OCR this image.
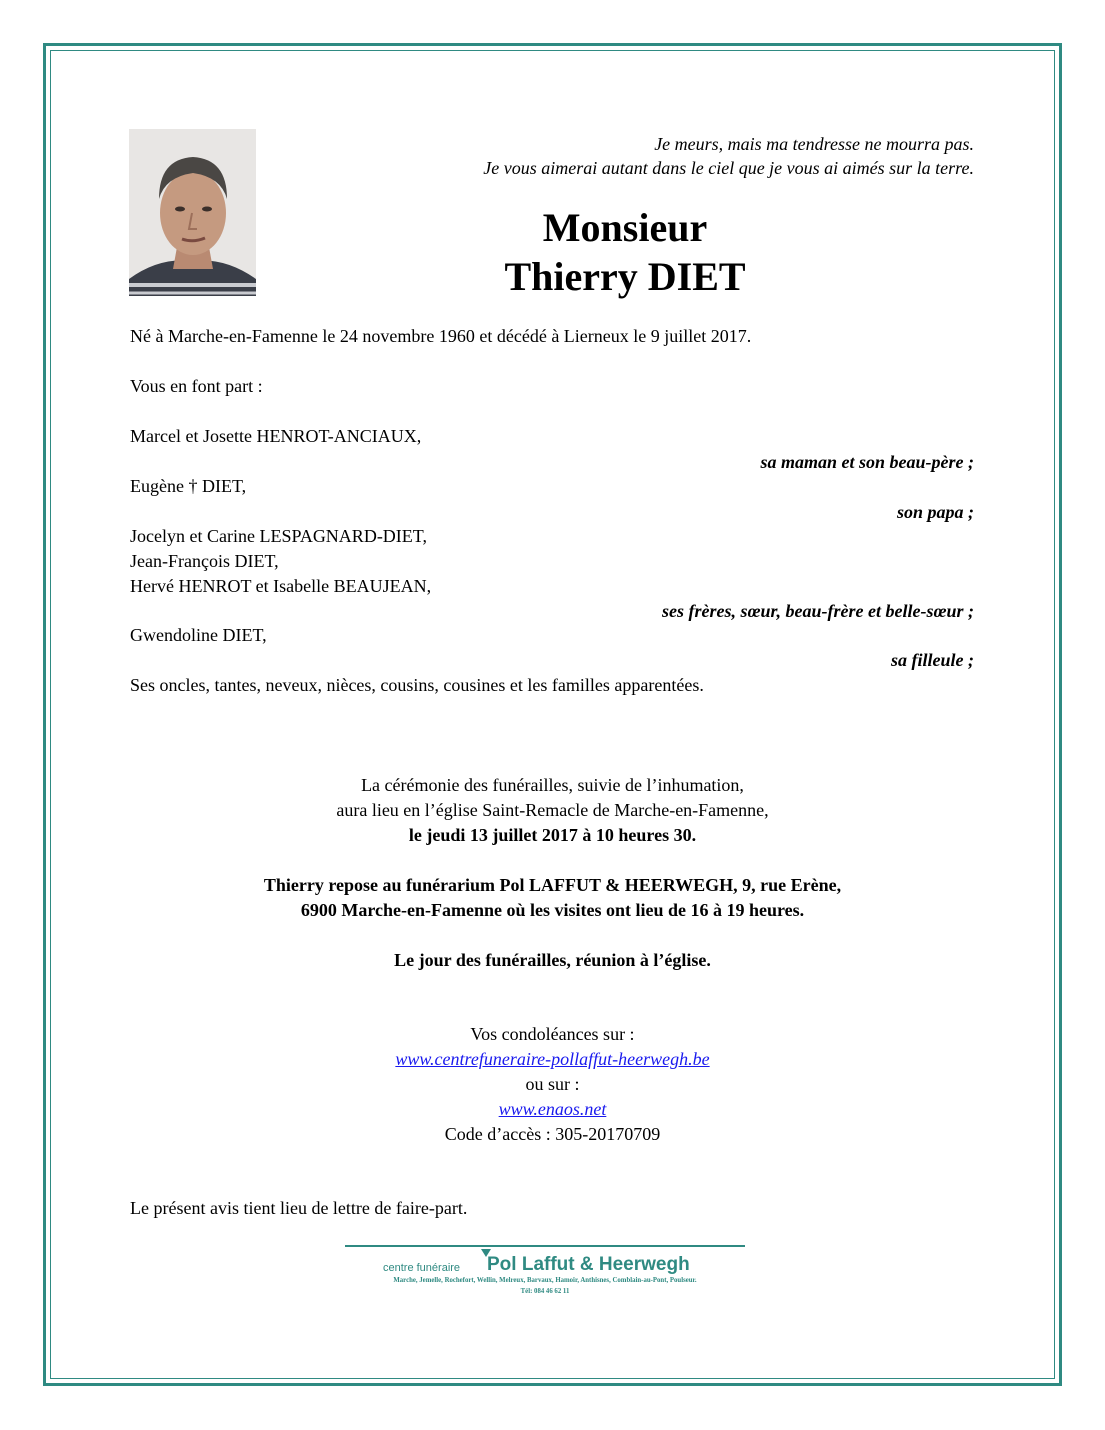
Je meurs, mais ma tendresse ne mourra pas.
Je vous aimerai autant dans le ciel que je vous ai aimés sur la terre.
Monsieur
Thierry DIET
Né à Marche-en-Famenne le 24 novembre 1960 et décédé à Lierneux le 9 juillet 2017.
Vous en font part :
Marcel et Josette HENROT-ANCIAUX,
sa maman et son beau-père ;
Eugène † DIET,
son papa ;
Jocelyn et Carine LESPAGNARD-DIET,
Jean-François DIET,
Hervé HENROT et Isabelle BEAUJEAN,
ses frères, sœur, beau-frère et belle-sœur ;
Gwendoline DIET,
sa filleule ;
Ses oncles, tantes, neveux, nièces, cousins, cousines et les familles apparentées.
La cérémonie des funérailles, suivie de l’inhumation,
aura lieu en l’église Saint-Remacle de Marche-en-Famenne,
le jeudi 13 juillet 2017 à 10 heures 30.
Thierry repose au funérarium Pol LAFFUT & HEERWEGH, 9, rue Erène,
6900 Marche-en-Famenne où les visites ont lieu de 16 à 19 heures.
Le jour des funérailles, réunion à l’église.
Vos condoléances sur :
www.centrefuneraire-pollaffut-heerwegh.be
ou sur :
www.enaos.net
Code d’accès : 305-20170709
Le présent avis tient lieu de lettre de faire-part.
centre funéraire Pol Laffut & Heerwegh
Marche, Jemelle, Rochefort, Wellin, Melreux, Barvaux, Hamoir, Anthisnes, Comblain-au-Pont, Poulseur.
Tél: 084 46 62 11
